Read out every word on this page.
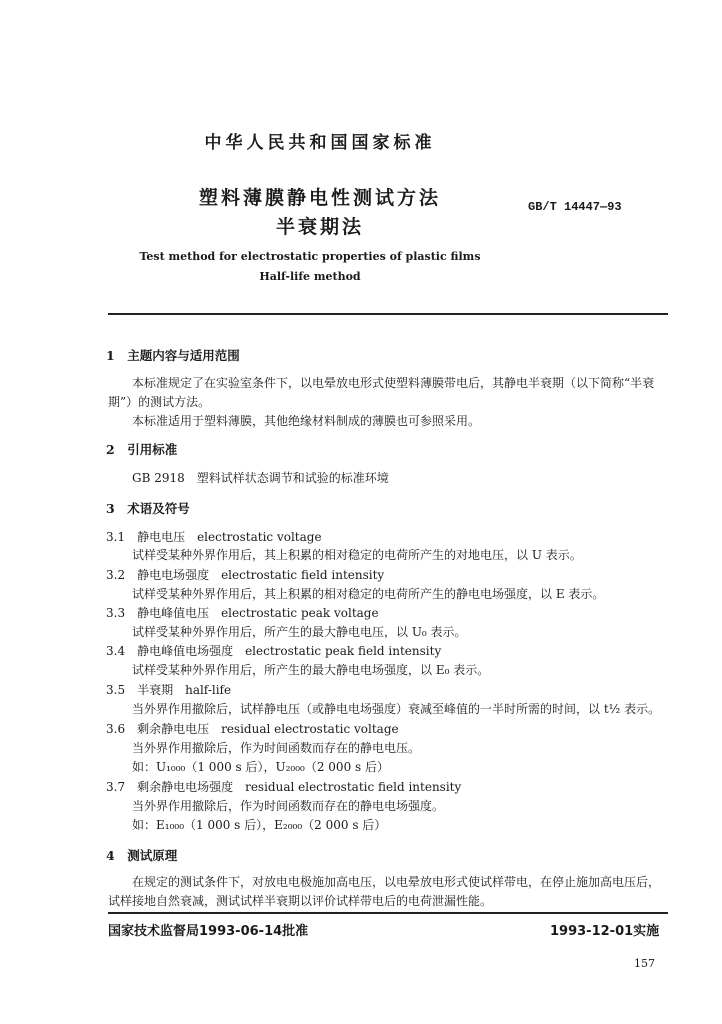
中华人民共和国国家标准
塑料薄膜静电性测试方法
半衰期法
GB/T 14447—93
Test method for electrostatic properties of plastic films
Half-life method
1　主题内容与适用范围
本标准规定了在实验室条件下，以电晕放电形式使塑料薄膜带电后，其静电半衰期（以下简称“半衰
期”）的测试方法。
本标准适用于塑料薄膜，其他绝缘材料制成的薄膜也可参照采用。
2　引用标准
GB 2918　塑料试样状态调节和试验的标准环境
3　术语及符号
3.1　静电电压　electrostatic voltage
试样受某种外界作用后，其上积累的相对稳定的电荷所产生的对地电压，以 U 表示。
3.2　静电电场强度　electrostatic field intensity
试样受某种外界作用后，其上积累的相对稳定的电荷所产生的静电电场强度，以 E 表示。
3.3　静电峰值电压　electrostatic peak voltage
试样受某种外界作用后，所产生的最大静电电压，以 U₀ 表示。
3.4　静电峰值电场强度　electrostatic peak field intensity
试样受某种外界作用后，所产生的最大静电电场强度，以 E₀ 表示。
3.5　半衰期　half-life
当外界作用撤除后，试样静电压（或静电电场强度）衰减至峰值的一半时所需的时间，以 t½ 表示。
3.6　剩余静电电压　residual electrostatic voltage
当外界作用撤除后，作为时间函数而存在的静电电压。
如：U₁₀₀₀（1 000 s 后），U₂₀₀₀（2 000 s 后）
3.7　剩余静电电场强度　residual electrostatic field intensity
当外界作用撤除后，作为时间函数而存在的静电电场强度。
如：E₁₀₀₀（1 000 s 后），E₂₀₀₀（2 000 s 后）
4　测试原理
在规定的测试条件下，对放电电极施加高电压，以电晕放电形式使试样带电，在停止施加高电压后，
试样接地自然衰减，测试试样半衰期以评价试样带电后的电荷泄漏性能。
国家技术监督局1993-06-14批准	1993-12-01实施
157
